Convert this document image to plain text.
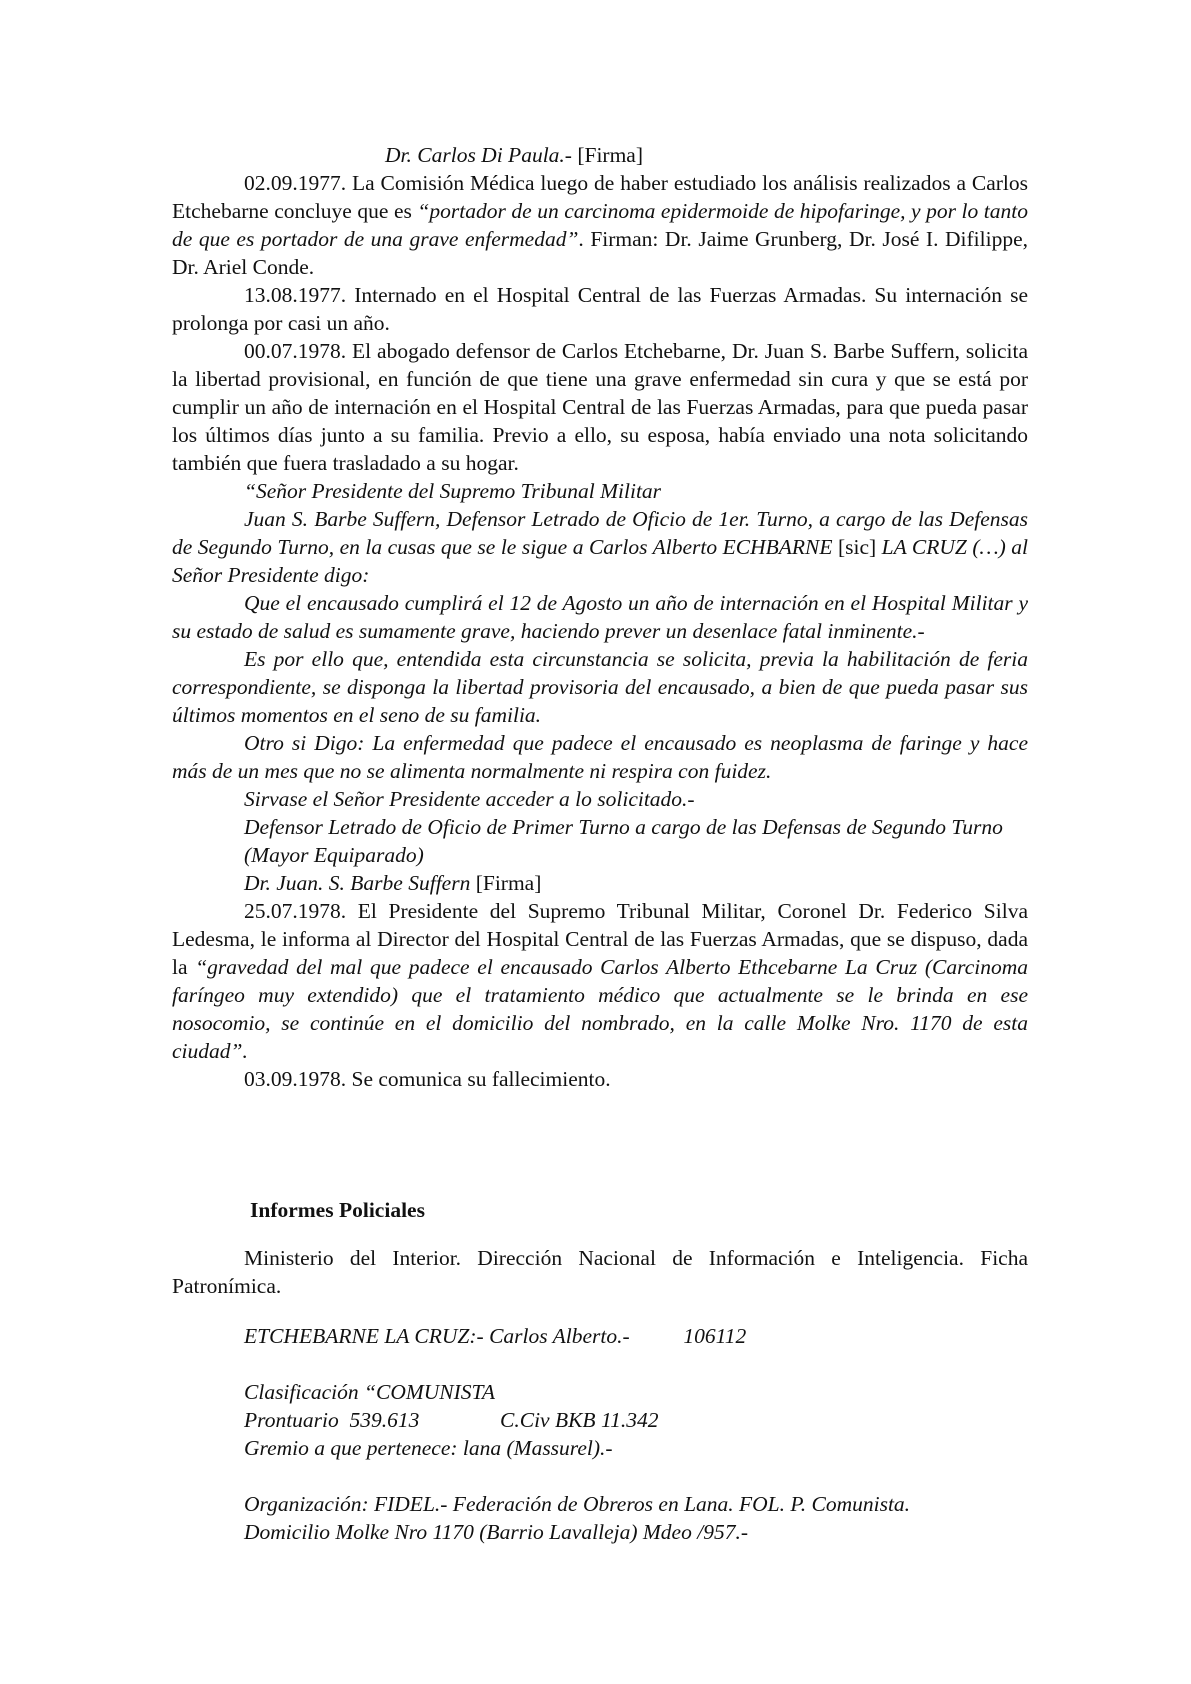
Dr. Carlos Di Paula.- [Firma]

02.09.1977. La Comisión Médica luego de haber estudiado los análisis realizados a Carlos Etchebarne concluye que es “portador de un carcinoma epidermoide de hipofaringe, y por lo tanto de que es portador de una grave enfermedad”. Firman: Dr. Jaime Grunberg, Dr. José I. Difilippe, Dr. Ariel Conde.

13.08.1977. Internado en el Hospital Central de las Fuerzas Armadas. Su internación se prolonga por casi un año.

00.07.1978. El abogado defensor de Carlos Etchebarne, Dr. Juan S. Barbe Suffern, solicita la libertad provisional, en función de que tiene una grave enfermedad sin cura y que se está por cumplir un año de internación en el Hospital Central de las Fuerzas Armadas, para que pueda pasar los últimos días junto a su familia. Previo a ello, su esposa, había enviado una nota solicitando también que fuera trasladado a su hogar.

“Señor Presidente del Supremo Tribunal Militar

Juan S. Barbe Suffern, Defensor Letrado de Oficio de 1er. Turno, a cargo de las Defensas de Segundo Turno, en la cusas que se le sigue a Carlos Alberto ECHBARNE [sic] LA CRUZ (…) al Señor Presidente digo:

Que el encausado cumplirá el 12 de Agosto un año de internación en el Hospital Militar y su estado de salud es sumamente grave, haciendo prever un desenlace fatal inminente.-

Es por ello que, entendida esta circunstancia se solicita, previa la habilitación de feria correspondiente, se disponga la libertad provisoria del encausado, a bien de que pueda pasar sus últimos momentos en el seno de su familia.

Otro si Digo: La enfermedad que padece el encausado es neoplasma de faringe y hace más de un mes que no se alimenta normalmente ni respira con fuidez.

Sirvase el Señor Presidente acceder a lo solicitado.-

Defensor Letrado de Oficio de Primer Turno a cargo de las Defensas de Segundo Turno

(Mayor Equiparado)

Dr. Juan. S. Barbe Suffern [Firma]

25.07.1978. El Presidente del Supremo Tribunal Militar, Coronel Dr. Federico Silva Ledesma, le informa al Director del Hospital Central de las Fuerzas Armadas, que se dispuso, dada la “gravedad del mal que padece el encausado Carlos Alberto Ethcebarne La Cruz (Carcinoma faríngeo muy extendido) que el tratamiento médico que actualmente se le brinda en ese nosocomio, se continúe en el domicilio del nombrado, en la calle Molke Nro. 1170 de esta ciudad”.

03.09.1978. Se comunica su fallecimiento.

Informes Policiales

Ministerio del Interior. Dirección Nacional de Información e Inteligencia. Ficha Patronímica.

ETCHEBARNE LA CRUZ:- Carlos Alberto.-          106112

Clasificación “COMUNISTA

Prontuario  539.613               C.Civ BKB 11.342

Gremio a que pertenece: lana (Massurel).-

Organización: FIDEL.- Federación de Obreros en Lana. FOL. P. Comunista.

Domicilio Molke Nro 1170 (Barrio Lavalleja) Mdeo /957.-
